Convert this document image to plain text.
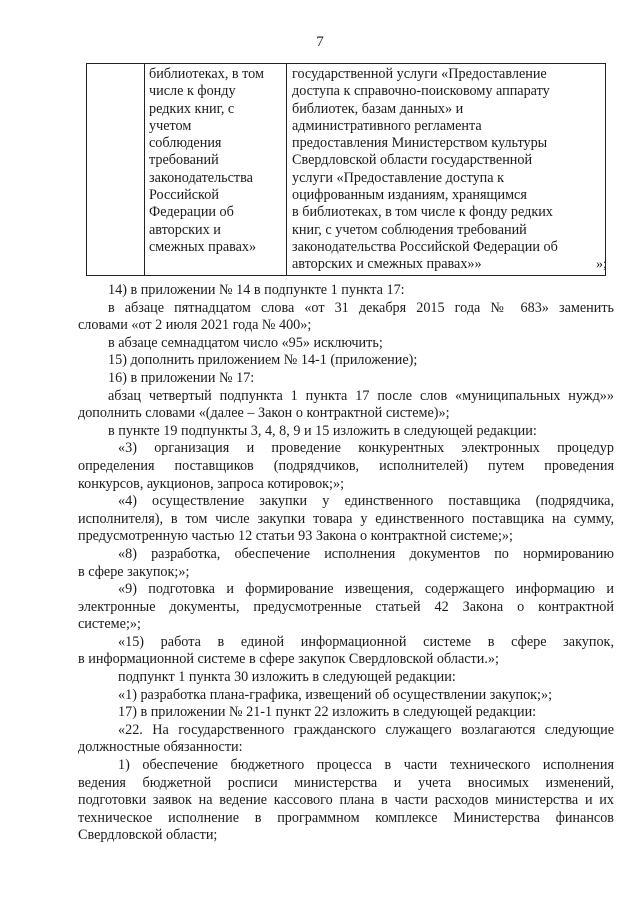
7
библиотеках, в том
числе к фонду
редких книг, с
учетом
соблюдения
требований
законодательства
Российской
Федерации об
авторских и
смежных правах»
государственной услуги «Предоставление
доступа к справочно-поисковому аппарату
библиотек, базам данных» и
административного регламента
предоставления Министерством культуры
Свердловской области государственной
услуги «Предоставление доступа к
оцифрованным изданиям, хранящимся
в библиотеках, в том числе к фонду редких
книг, с учетом соблюдения требований
законодательства Российской Федерации об
авторских и смежных правах»»	»;
14) в приложении № 14 в подпункте 1 пункта 17:
в абзаце пятнадцатом слова «от 31 декабря 2015 года № 683» заменить
словами «от 2 июля 2021 года № 400»;
в абзаце семнадцатом число «95» исключить;
15) дополнить приложением № 14-1 (приложение);
16) в приложении № 17:
абзац четвертый подпункта 1 пункта 17 после слов «муниципальных нужд»»
дополнить словами «(далее – Закон о контрактной системе)»;
в пункте 19 подпункты 3, 4, 8, 9 и 15 изложить в следующей редакции:
«3) организация и проведение конкурентных электронных процедур
определения поставщиков (подрядчиков, исполнителей) путем проведения
конкурсов, аукционов, запроса котировок;»;
«4) осуществление закупки у единственного поставщика (подрядчика,
исполнителя), в том числе закупки товара у единственного поставщика на сумму,
предусмотренную частью 12 статьи 93 Закона о контрактной системе;»;
«8) разработка, обеспечение исполнения документов по нормированию
в сфере закупок;»;
«9) подготовка и формирование извещения, содержащего информацию и
электронные документы, предусмотренные статьей 42 Закона о контрактной
системе;»;
«15) работа в единой информационной системе в сфере закупок,
в информационной системе в сфере закупок Свердловской области.»;
подпункт 1 пункта 30 изложить в следующей редакции:
«1) разработка плана-графика, извещений об осуществлении закупок;»;
17) в приложении № 21-1 пункт 22 изложить в следующей редакции:
«22. На государственного гражданского служащего возлагаются следующие
должностные обязанности:
1) обеспечение бюджетного процесса в части технического исполнения
ведения бюджетной росписи министерства и учета вносимых изменений,
подготовки заявок на ведение кассового плана в части расходов министерства и их
техническое исполнение в программном комплексе Министерства финансов
Свердловской области;
